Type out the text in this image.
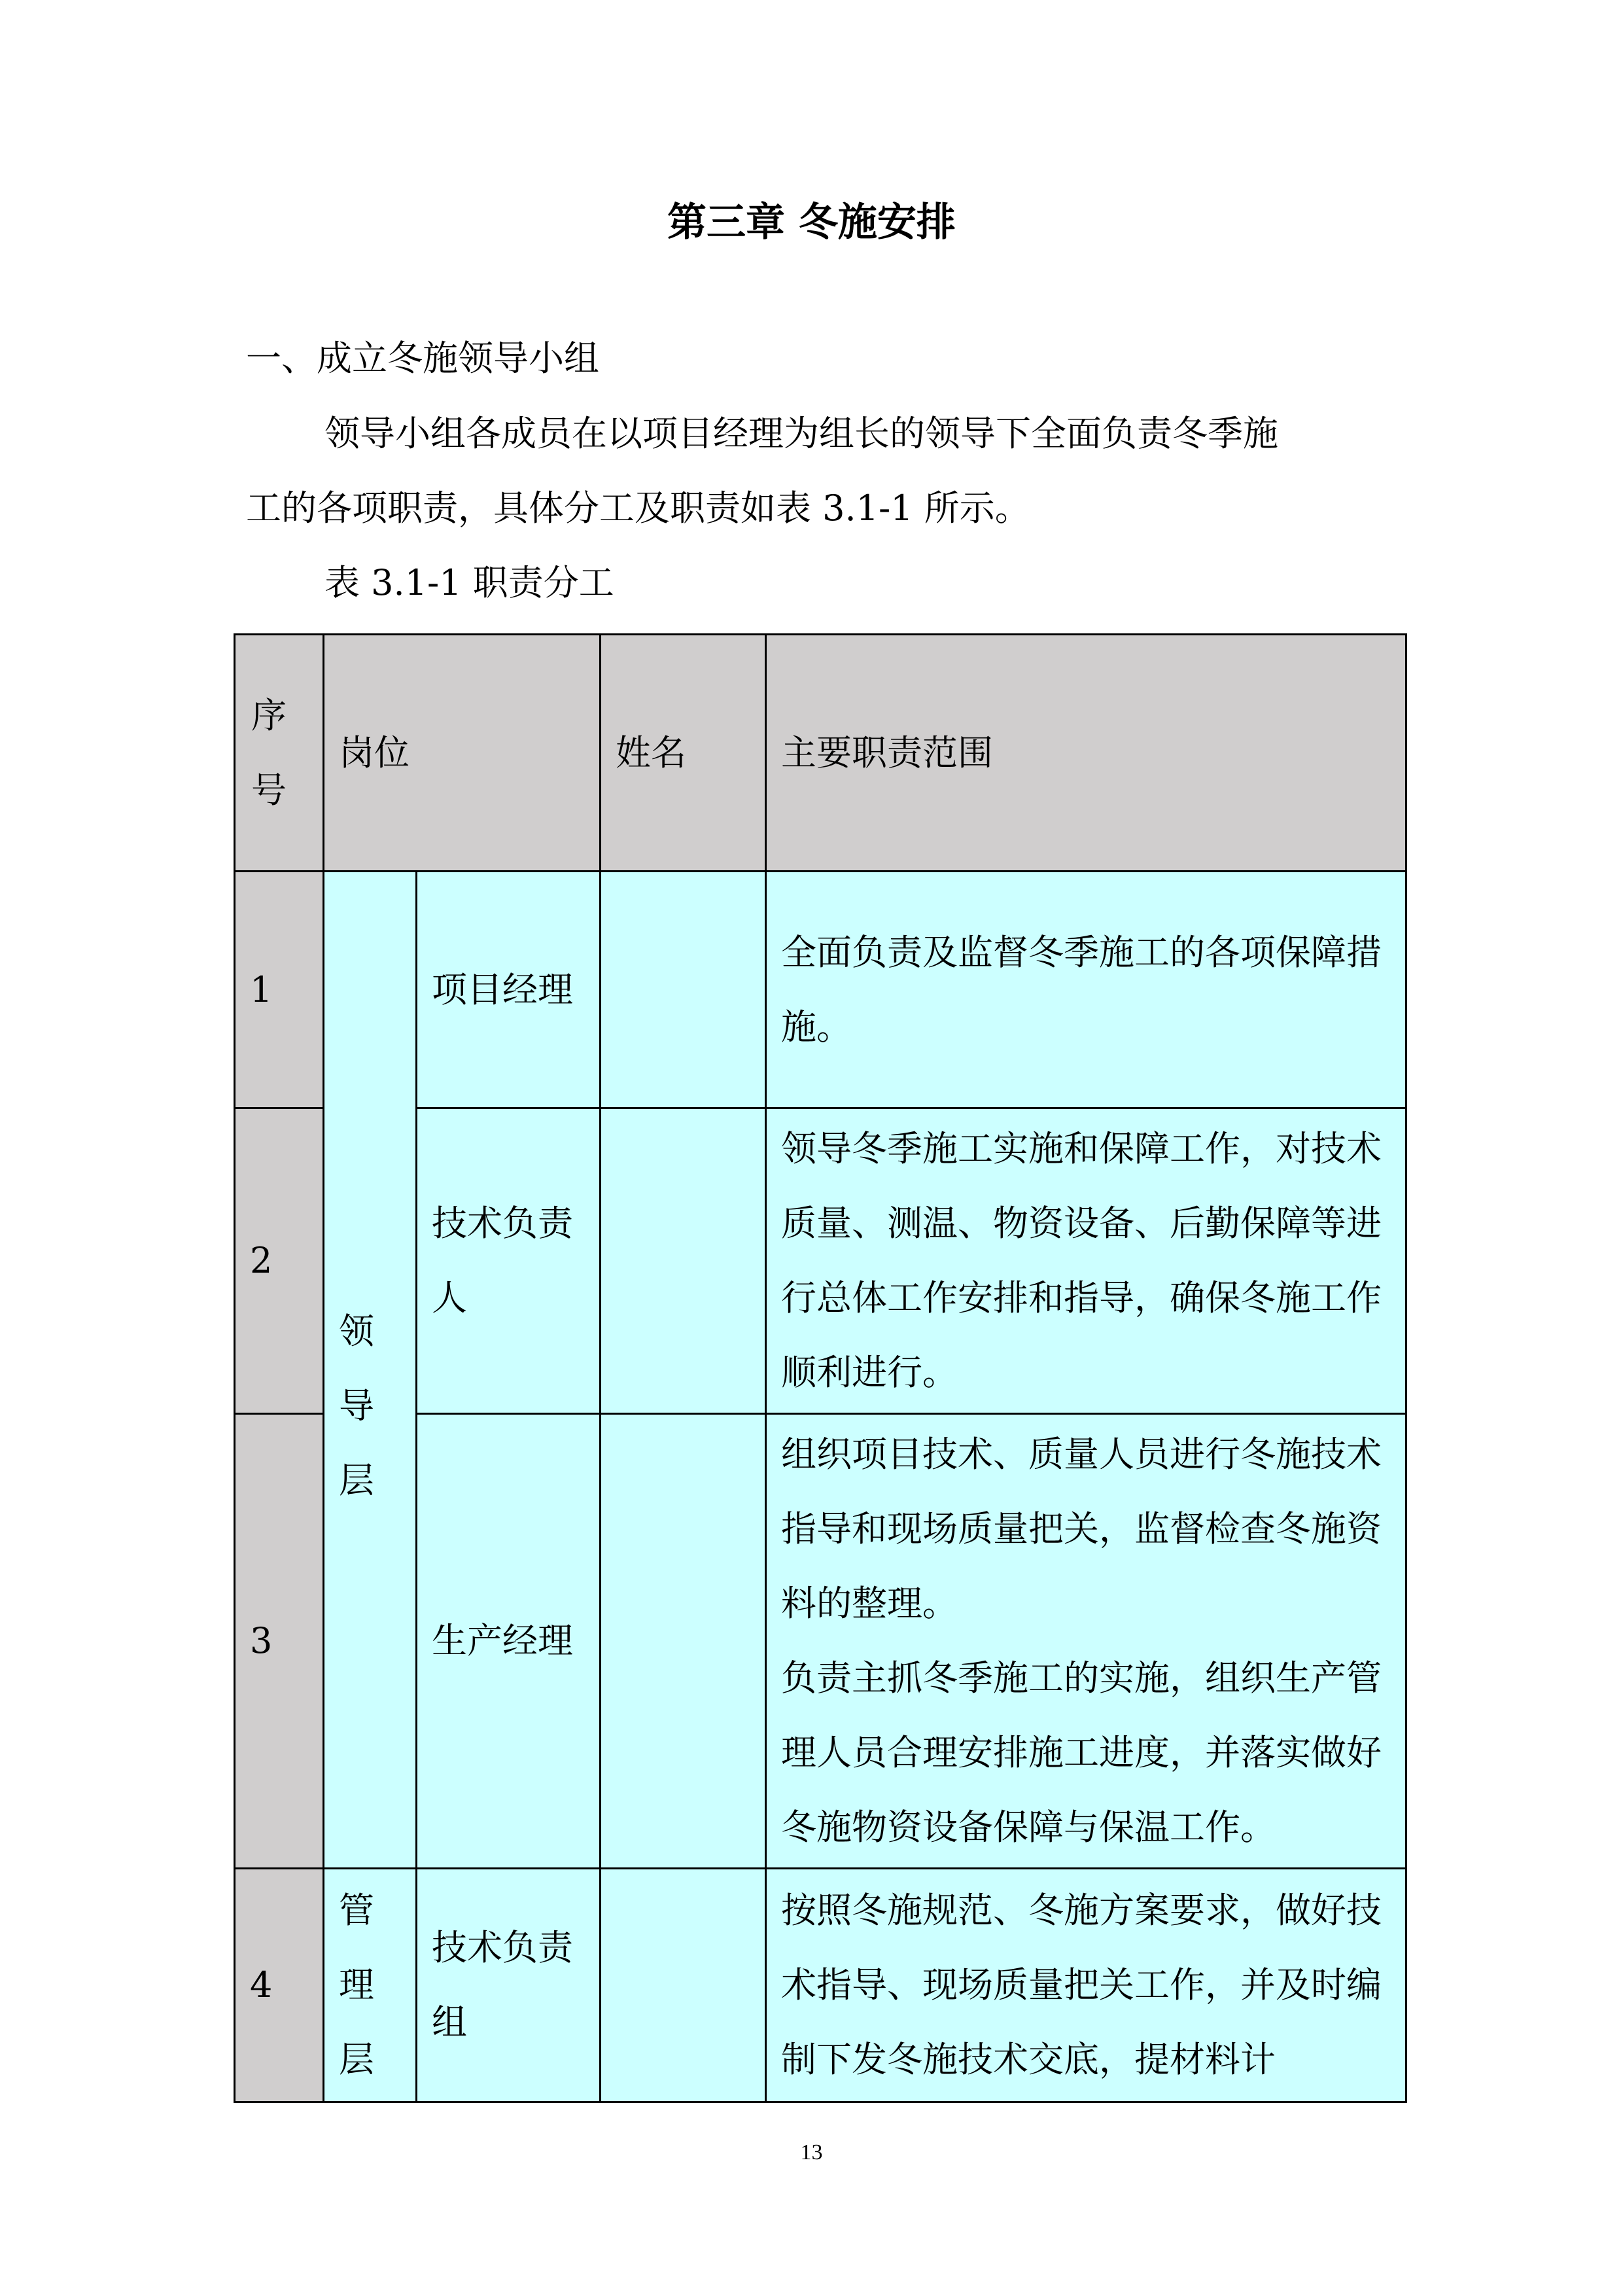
第三章 冬施安排
一、成立冬施领导小组
领导小组各成员在以项目经理为组长的领导下全面负责冬季施
工的各项职责，具体分工及职责如表 3.1-1 所示。
表 3.1-1 职责分工
序号	岗位		姓名	主要职责范围
1	领导层	项目经理		全面负责及监督冬季施工的各项保障措施。
2		技术负责人		领导冬季施工实施和保障工作，对技术质量、测温、物资设备、后勤保障等进行总体工作安排和指导，确保冬施工作顺利进行。
3		生产经理		组织项目技术、质量人员进行冬施技术指导和现场质量把关，监督检查冬施资料的整理。
负责主抓冬季施工的实施，组织生产管理人员合理安排施工进度，并落实做好冬施物资设备保障与保温工作。

4	管理层	技术负责组		按照冬施规范、冬施方案要求，做好技术指导、现场质量把关工作，并及时编制下发冬施技术交底，提材料计
13
